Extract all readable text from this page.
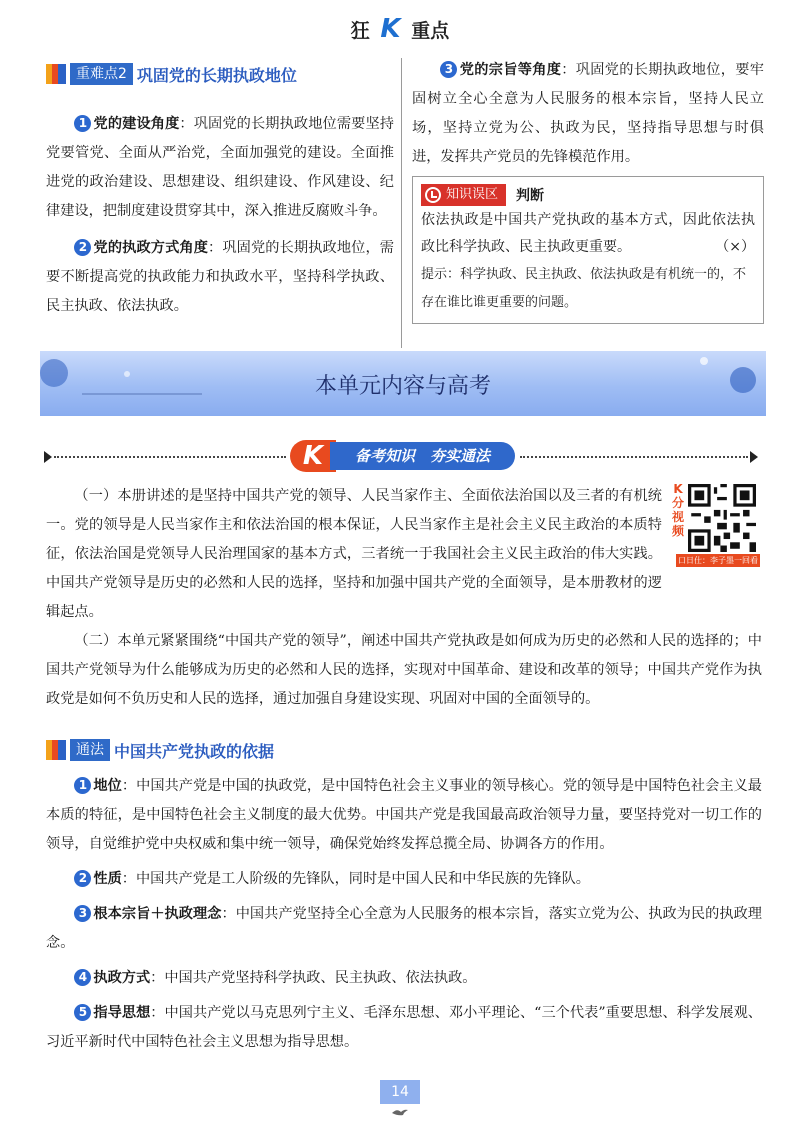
狂 K 重点
重难点2 巩固党的长期执政地位

1 党的建设角度：巩固党的长期执政地位需要坚持党要管党、全面从严治党，全面加强党的建设。全面推进党的政治建设、思想建设、组织建设、作风建设、纪律建设，把制度建设贯穿其中，深入推进反腐败斗争。

2 党的执政方式角度：巩固党的长期执政地位，需要不断提高党的执政能力和执政水平，坚持科学执政、民主执政、依法执政。

3 党的宗旨等角度：巩固党的长期执政地位，要牢固树立全心全意为人民服务的根本宗旨，坚持人民立场，坚持立党为公、执政为民，坚持指导思想与时俱进，发挥共产党员的先锋模范作用。

知识误区 判断

依法执政是中国共产党执政的基本方式，因此依法执政比科学执政、民主执政更重要。	（×）

提示：科学执政、民主执政、依法执政是有机统一的，不存在谁比谁更重要的问题。

本单元内容与高考
K	备考知识　夯实通法
K分视频
口日仕：李子墨一回看知识

（一）本册讲述的是坚持中国共产党的领导、人民当家作主、全面依法治国以及三者的有机统一。党的领导是人民当家作主和依法治国的根本保证，人民当家作主是社会主义民主政治的本质特征，依法治国是党领导人民治理国家的基本方式，三者统一于我国社会主义民主政治的伟大实践。中国共产党领导是历史的必然和人民的选择，坚持和加强中国共产党的全面领导，是本册教材的逻辑起点。

（二）本单元紧紧围绕“中国共产党的领导”，阐述中国共产党执政是如何成为历史的必然和人民的选择的；中国共产党领导为什么能够成为历史的必然和人民的选择，实现对中国革命、建设和改革的领导；中国共产党作为执政党是如何不负历史和人民的选择，通过加强自身建设实现、巩固对中国的全面领导的。

通法 中国共产党执政的依据

1 地位：中国共产党是中国的执政党，是中国特色社会主义事业的领导核心。党的领导是中国特色社会主义最本质的特征，是中国特色社会主义制度的最大优势。中国共产党是我国最高政治领导力量，要坚持党对一切工作的领导，自觉维护党中央权威和集中统一领导，确保党始终发挥总揽全局、协调各方的作用。

2 性质：中国共产党是工人阶级的先锋队，同时是中国人民和中华民族的先锋队。

3 根本宗旨＋执政理念：中国共产党坚持全心全意为人民服务的根本宗旨，落实立党为公、执政为民的执政理念。

4 执政方式：中国共产党坚持科学执政、民主执政、依法执政。

5 指导思想：中国共产党以马克思列宁主义、毛泽东思想、邓小平理论、“三个代表”重要思想、科学发展观、习近平新时代中国特色社会主义思想为指导思想。

14
